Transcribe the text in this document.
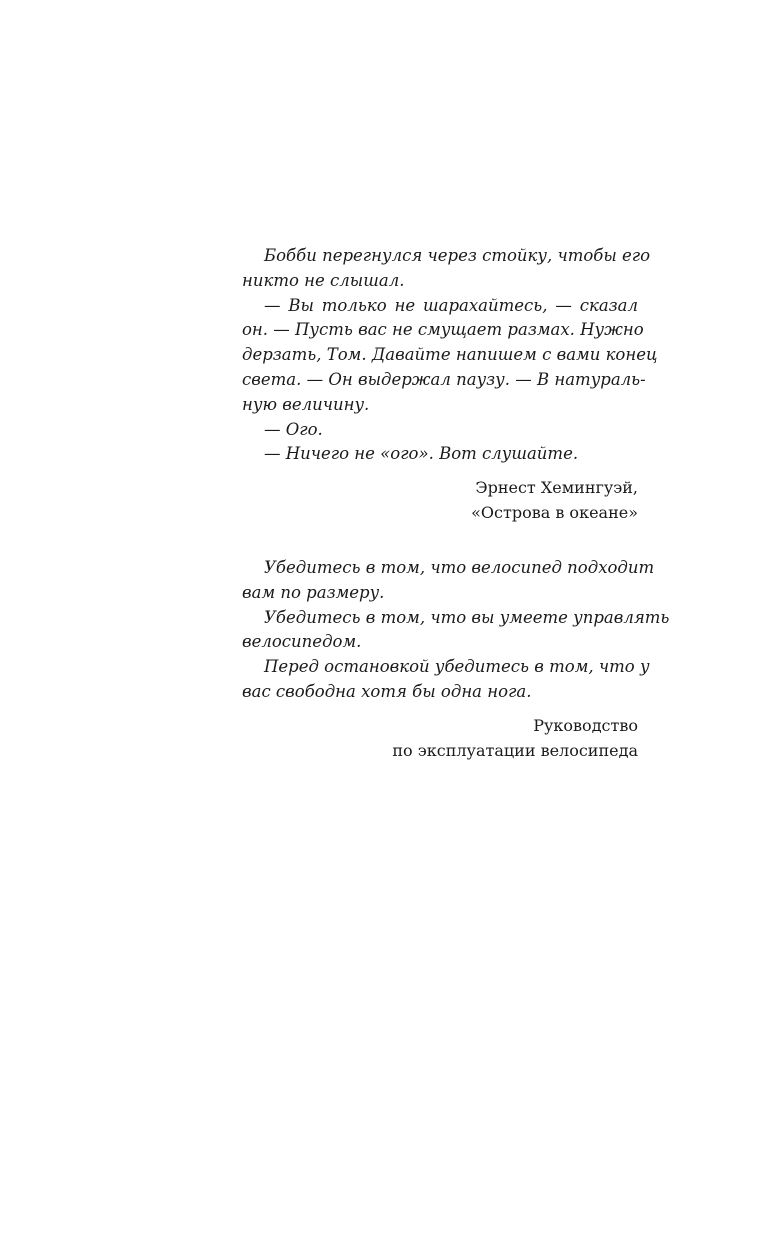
Бобби перегнулся через стойку, чтобы его
никто не слышал.
— Вы только не шарахайтесь, — сказал
он. — Пусть вас не смущает размах. Нужно
дерзать, Том. Давайте напишем с вами конец
света. — Он выдержал паузу. — В натураль-
ную величину.
— Ого.
— Ничего не «ого». Вот слушайте.
Эрнест Хемингуэй,
«Острова в океане»
Убедитесь в том, что велосипед подходит
вам по размеру.
Убедитесь в том, что вы умеете управлять
велосипедом.
Перед остановкой убедитесь в том, что у
вас свободна хотя бы одна нога.
Руководство
по эксплуатации велосипеда
